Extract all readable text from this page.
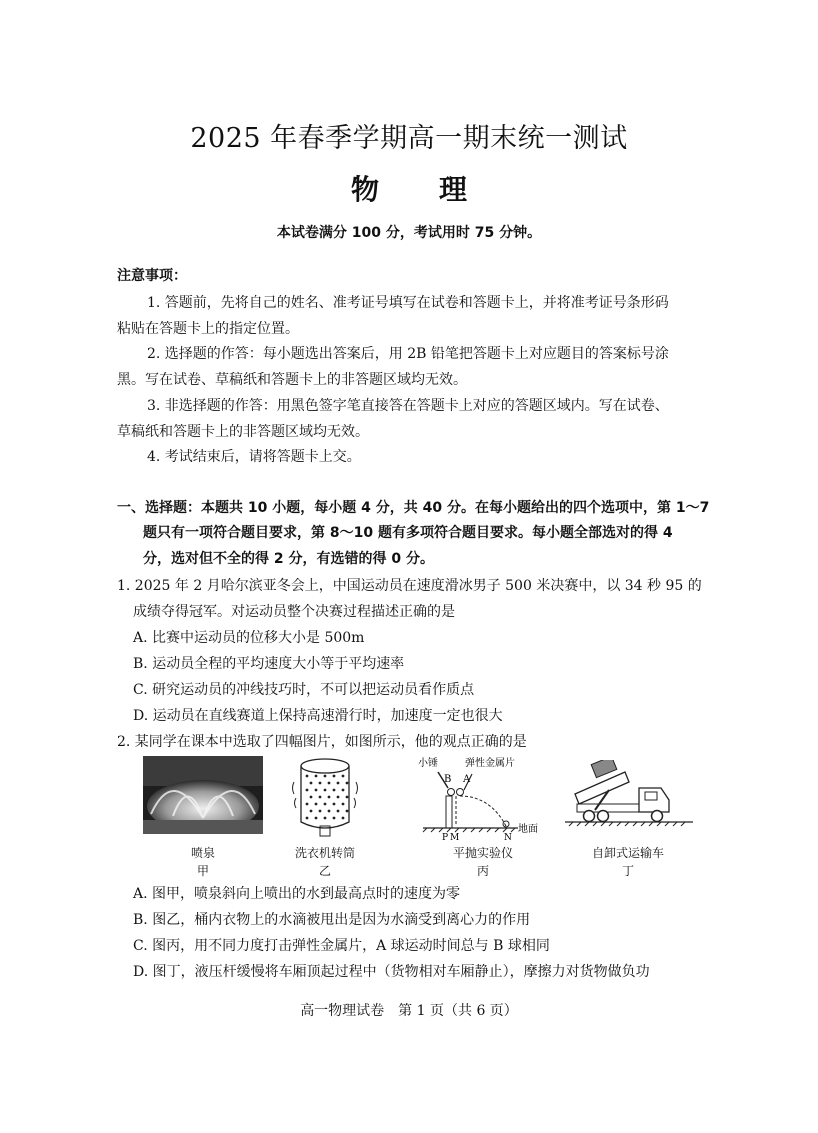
2025 年春季学期高一期末统一测试
物理
本试卷满分 100 分，考试用时 75 分钟。
注意事项：
1. 答题前，先将自己的姓名、准考证号填写在试卷和答题卡上，并将准考证号条形码
粘贴在答题卡上的指定位置。
2. 选择题的作答：每小题选出答案后，用 2B 铅笔把答题卡上对应题目的答案标号涂
黑。写在试卷、草稿纸和答题卡上的非答题区域均无效。
3. 非选择题的作答：用黑色签字笔直接答在答题卡上对应的答题区域内。写在试卷、
草稿纸和答题卡上的非答题区域均无效。
4. 考试结束后，请将答题卡上交。
一、选择题：本题共 10 小题，每小题 4 分，共 40 分。在每小题给出的四个选项中，第 1～7
题只有一项符合题目要求，第 8～10 题有多项符合题目要求。每小题全部选对的得 4
分，选对但不全的得 2 分，有选错的得 0 分。
1. 2025 年 2 月哈尔滨亚冬会上，中国运动员在速度滑冰男子 500 米决赛中，以 34 秒 95 的
成绩夺得冠军。对运动员整个决赛过程描述正确的是
A. 比赛中运动员的位移大小是 500m
B. 运动员全程的平均速度大小等于平均速率
C. 研究运动员的冲线技巧时，不可以把运动员看作质点
D. 运动员在直线赛道上保持高速滑行时，加速度一定也很大
2. 某同学在课本中选取了四幅图片，如图所示，他的观点正确的是
小锤	弹性金属片
B A
P M	N
地面
喷泉
甲
洗衣机转筒
乙
平抛实验仪
丙
自卸式运输车
丁
A. 图甲，喷泉斜向上喷出的水到最高点时的速度为零
B. 图乙，桶内衣物上的水滴被甩出是因为水滴受到离心力的作用
C. 图丙，用不同力度打击弹性金属片，A 球运动时间总与 B 球相同
D. 图丁，液压杆缓慢将车厢顶起过程中（货物相对车厢静止），摩擦力对货物做负功
高一物理试卷　第 1 页（共 6 页）
